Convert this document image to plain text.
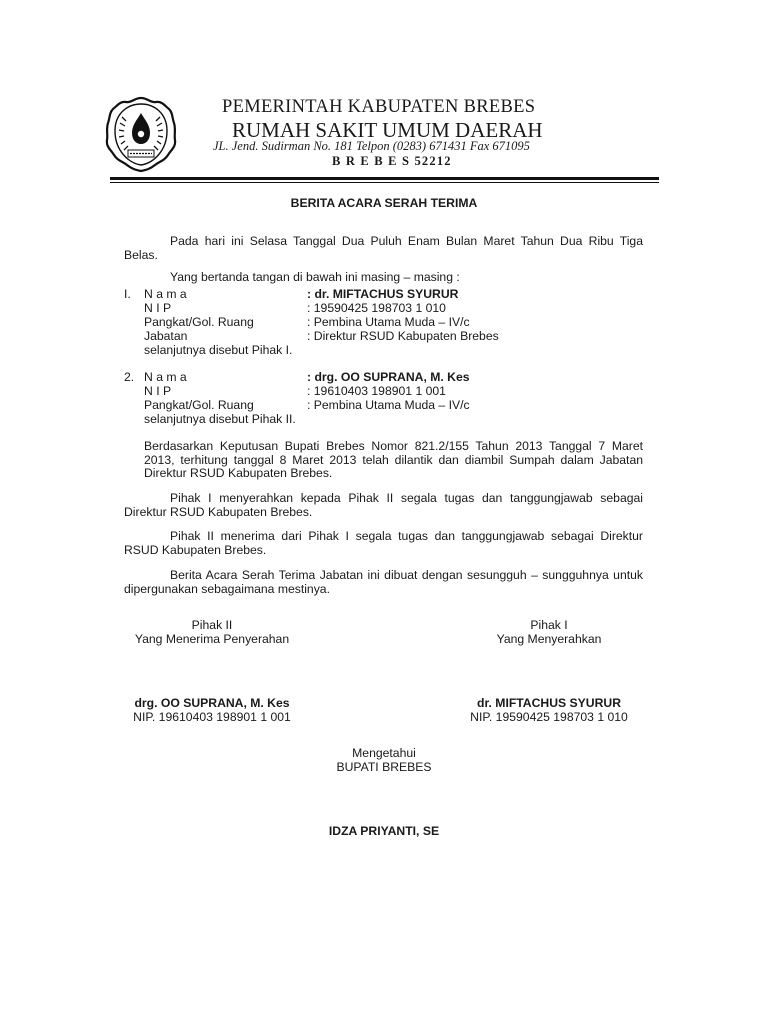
PEMERINTAH KABUPATEN BREBES
RUMAH SAKIT UMUM DAERAH
JL. Jend. Sudirman No. 181 Telpon (0283) 671431 Fax 671095
B R E B E S 52212
BERITA ACARA SERAH TERIMA
Pada hari ini Selasa Tanggal Dua Puluh Enam Bulan Maret Tahun Dua Ribu Tiga Belas.
Yang bertanda tangan di bawah ini masing – masing :
I. N a m a	: dr. MIFTACHUS SYURUR
N I P	: 19590425 198703 1 010
Pangkat/Gol. Ruang	: Pembina Utama Muda – IV/c
Jabatan	: Direktur RSUD Kabupaten Brebes
selanjutnya disebut Pihak I.
2. N a m a	: drg. OO SUPRANA, M. Kes
N I P	: 19610403 198901 1 001
Pangkat/Gol. Ruang	: Pembina Utama Muda – IV/c
selanjutnya disebut Pihak II.
Berdasarkan Keputusan Bupati Brebes Nomor 821.2/155 Tahun 2013 Tanggal 7 Maret 2013, terhitung tanggal 8 Maret 2013 telah dilantik dan diambil Sumpah dalam Jabatan Direktur RSUD Kabupaten Brebes.
Pihak I menyerahkan kepada Pihak II segala tugas dan tanggungjawab sebagai Direktur RSUD Kabupaten Brebes.
Pihak II menerima dari Pihak I segala tugas dan tanggungjawab sebagai Direktur RSUD Kabupaten Brebes.
Berita Acara Serah Terima Jabatan ini dibuat dengan sesungguh – sungguhnya untuk dipergunakan sebagaimana mestinya.
Pihak II
Yang Menerima Penyerahan
drg. OO SUPRANA, M. Kes
NIP. 19610403 198901 1 001
Pihak I
Yang Menyerahkan
dr. MIFTACHUS SYURUR
NIP. 19590425 198703 1 010
Mengetahui
BUPATI BREBES
IDZA PRIYANTI, SE
